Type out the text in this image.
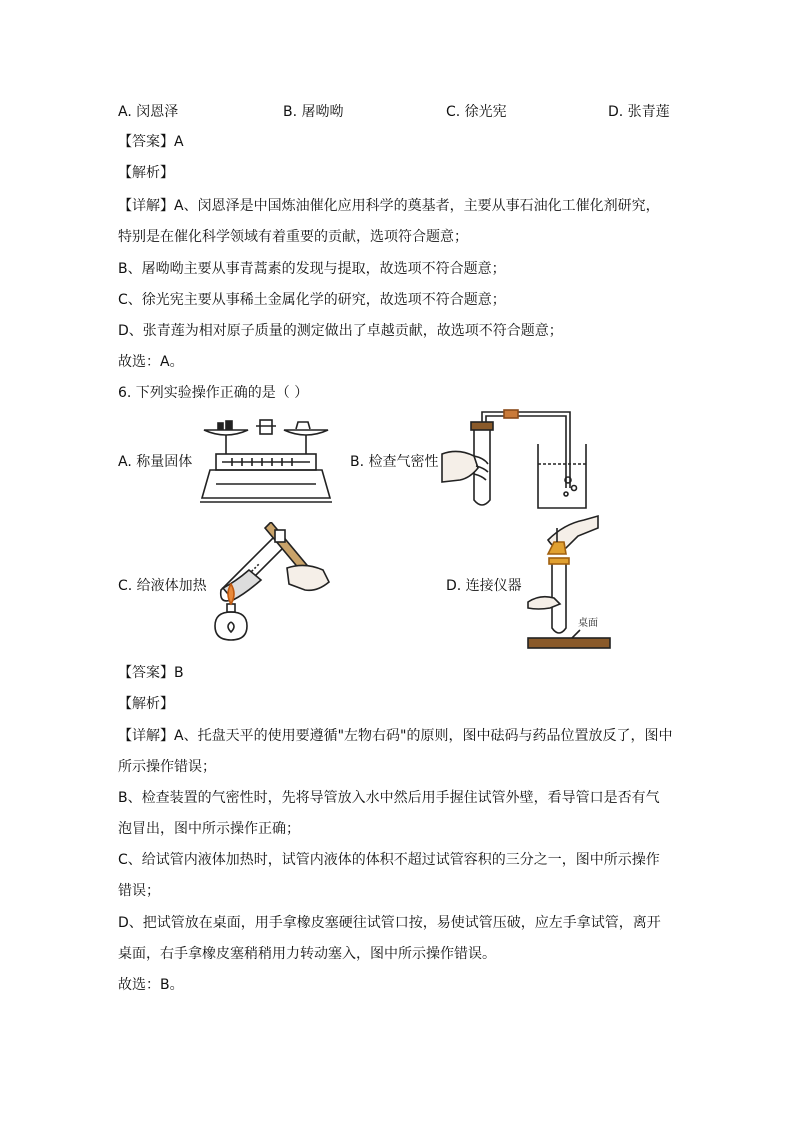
A. 闵恩泽	B. 屠呦呦	C. 徐光宪	D. 张青莲
【答案】A
【解析】
【详解】A、闵恩泽是中国炼油催化应用科学的奠基者，主要从事石油化工催化剂研究，
特别是在催化科学领域有着重要的贡献，选项符合题意；
B、屠呦呦主要从事青蒿素的发现与提取，故选项不符合题意；
C、徐光宪主要从事稀土金属化学的研究，故选项不符合题意；
D、张青莲为相对原子质量的测定做出了卓越贡献，故选项不符合题意；
故选：A。
6. 下列实验操作正确的是（ ）
A. 称量固体	B. 检查气密性
C. 给液体加热	D. 连接仪器
桌面
【答案】B
【解析】
【详解】A、托盘天平的使用要遵循"左物右码"的原则，图中砝码与药品位置放反了，图中
所示操作错误；
B、检查装置的气密性时，先将导管放入水中然后用手握住试管外壁，看导管口是否有气
泡冒出，图中所示操作正确；
C、给试管内液体加热时，试管内液体的体积不超过试管容积的三分之一，图中所示操作
错误；
D、把试管放在桌面，用手拿橡皮塞硬往试管口按，易使试管压破，应左手拿试管，离开
桌面，右手拿橡皮塞稍稍用力转动塞入，图中所示操作错误。
故选：B。
